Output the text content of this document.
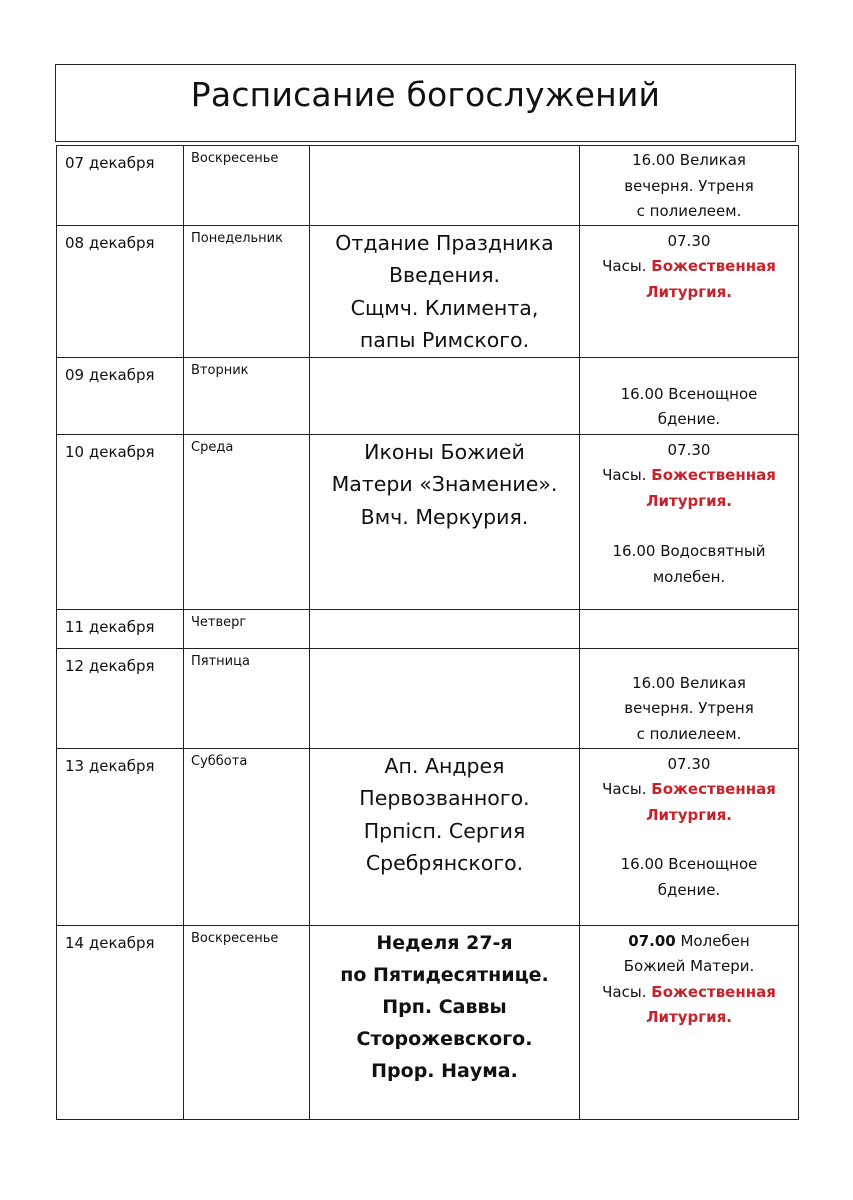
Расписание богослужений
07 декабря	Воскресенье		16.00 Великая
вечерня. Утреня
с полиелеем.

08 декабря	Понедельник	Отдание Праздника
Введения.
Сщмч. Климента,
папы Римского.	07.30
Часы. Божественная
Литургия.

09 декабря	Вторник		16.00 Всенощное
бдение.

10 декабря	Среда	Иконы Божией
Матери «Знамение».
Вмч. Меркурия.	07.30
Часы. Божественная
Литургия.
16.00 Водосвятный
молебен.

11 декабря	Четверг		

12 декабря	Пятница		16.00 Великая
вечерня. Утреня
с полиелеем.

13 декабря	Суббота	Ап. Андрея
Первозванного.
Прпісп. Сергия
Сребрянского.	07.30
Часы. Божественная
Литургия.
16.00 Всенощное
бдение.

14 декабря	Воскресенье	Неделя 27-я
по Пятидесятнице.
Прп. Саввы
Сторожевского.
Прор. Наума.	07.00 Молебен
Божией Матери.
Часы. Божественная
Литургия.
